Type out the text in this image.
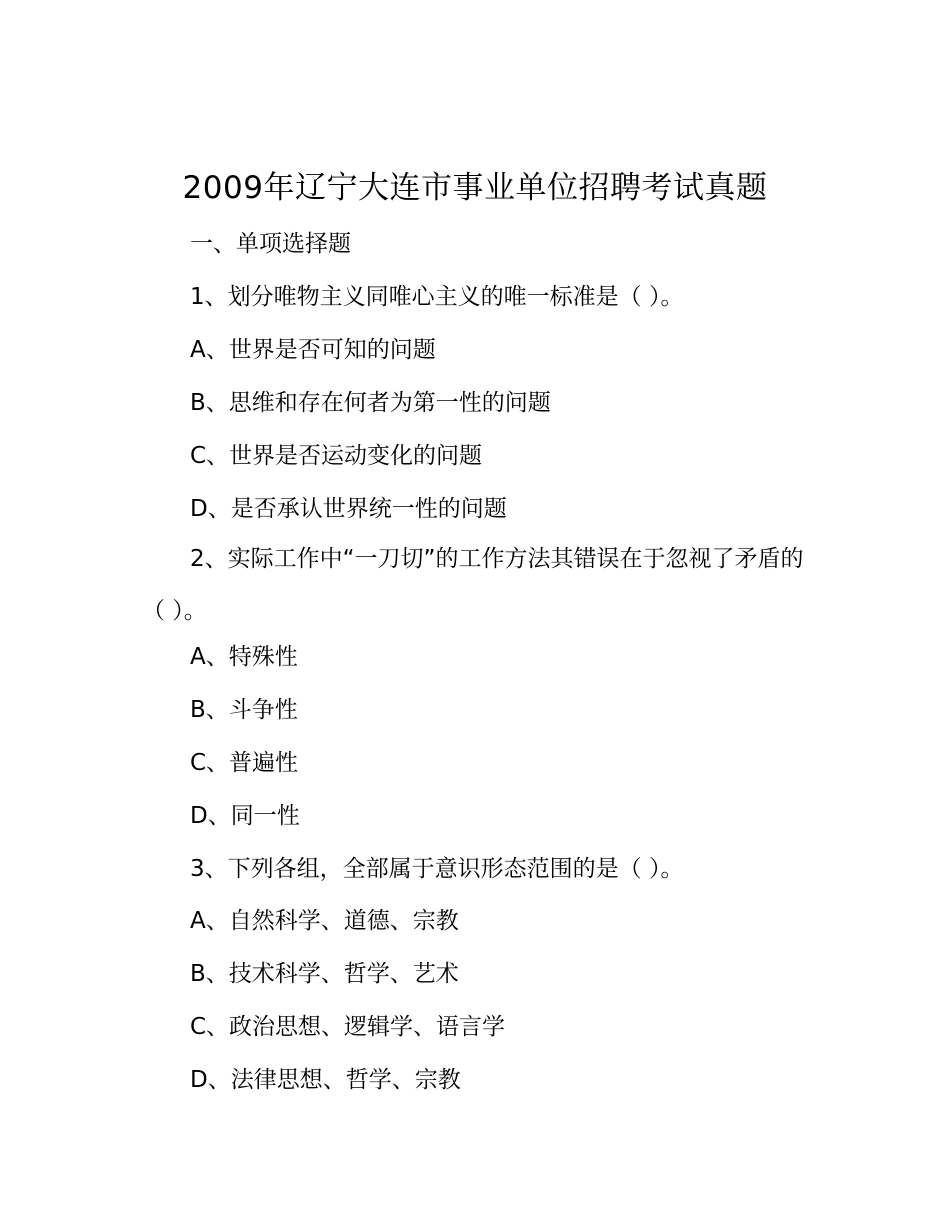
2009年辽宁大连市事业单位招聘考试真题
一、单项选择题
1、划分唯物主义同唯心主义的唯一标准是（ ）。
A、世界是否可知的问题
B、思维和存在何者为第一性的问题
C、世界是否运动变化的问题
D、是否承认世界统一性的问题
2、实际工作中“一刀切”的工作方法其错误在于忽视了矛盾的（ ）。
A、特殊性
B、斗争性
C、普遍性
D、同一性
3、下列各组，全部属于意识形态范围的是（ ）。
A、自然科学、道德、宗教
B、技术科学、哲学、艺术
C、政治思想、逻辑学、语言学
D、法律思想、哲学、宗教
